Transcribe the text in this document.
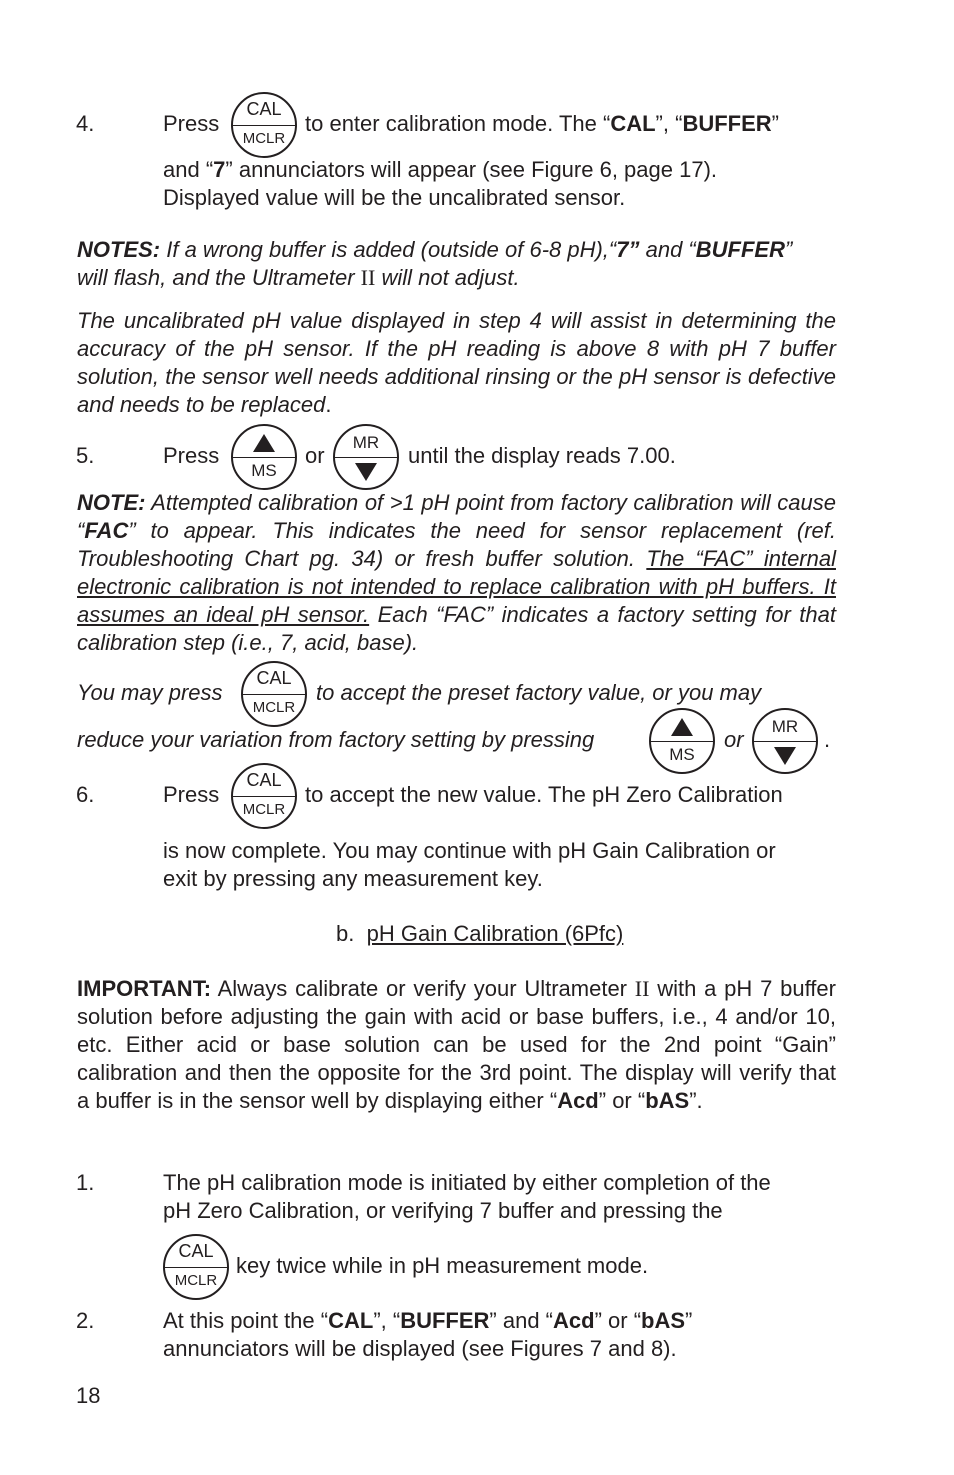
4.	Press
CAL
MCLR
to enter calibration mode. The “CAL”, “BUFFER”
and “7” annunciators will appear (see Figure 6, page 17).
Displayed value will be the uncalibrated sensor.
NOTES: If a wrong buffer is added (outside of 6-8 pH),“7” and “BUFFER”
will flash, and the Ultrameter II will not adjust.
The uncalibrated pH value displayed in step 4 will assist in determining the accuracy of the pH sensor. If the pH reading is above 8 with pH 7 buffer solution, the sensor well needs additional rinsing or the pH sensor is defective and needs to be replaced.
5.	Press
MS
or
MR
until the display reads 7.00.
NOTE: Attempted calibration of >1 pH point from factory calibration will cause “FAC” to appear. This indicates the need for sensor replacement (ref. Troubleshooting Chart pg. 34) or fresh buffer solution. The “FAC” internal electronic calibration is not intended to replace calibration with pH buffers. It assumes an ideal pH sensor. Each “FAC” indicates a factory setting for that calibration step (i.e., 7, acid, base).
You may press
CAL
MCLR
to accept the preset factory value, or you may
reduce your variation from factory setting by pressing
MS
or
MR
.
6.	Press
CAL
MCLR
to accept the new value. The pH Zero Calibration
is now complete. You may continue with pH Gain Calibration or
exit by pressing any measurement key.
b. pH Gain Calibration (6Pfc)
IMPORTANT: Always calibrate or verify your Ultrameter II with a pH 7 buffer solution before adjusting the gain with acid or base buffers, i.e., 4 and/or 10, etc. Either acid or base solution can be used for the 2nd point “Gain” calibration and then the opposite for the 3rd point. The display will verify that a buffer is in the sensor well by displaying either “Acd” or “bAS”.
1.	The pH calibration mode is initiated by either completion of the
pH Zero Calibration, or verifying 7 buffer and pressing the
CAL
MCLR
key twice while in pH measurement mode.
2.	At this point the “CAL”, “BUFFER” and “Acd” or “bAS”
annunciators will be displayed (see Figures 7 and 8).
18
